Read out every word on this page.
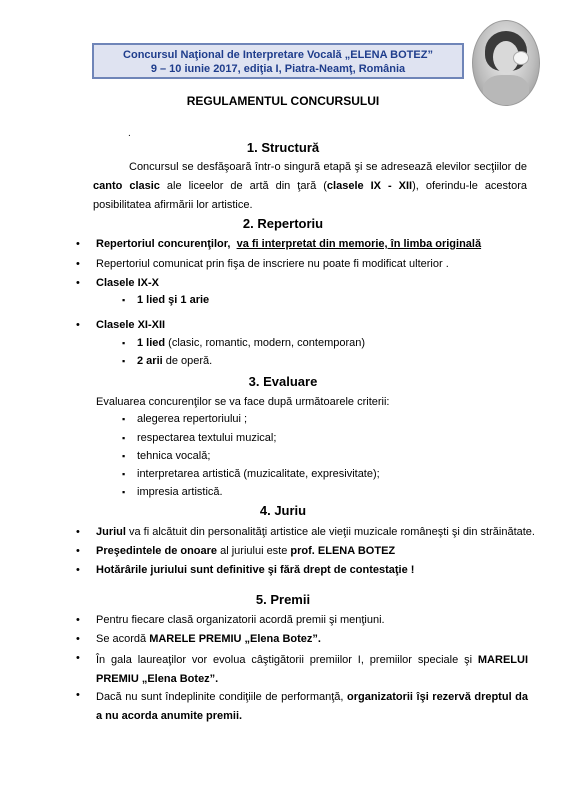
Concursul Naţional de Interpretare Vocală „ELENA BOTEZ”
9 – 10 iunie 2017, ediţia I, Piatra-Neamţ, România
REGULAMENTUL CONCURSULUI
.
1. Structură
Concursul se desfăşoară într-o singură etapă şi se adresează elevilor secţiilor de canto clasic ale liceelor de artă din ţară (clasele IX - XII), oferindu-le acestora posibilitatea afirmării lor artistice.
2. Repertoriu
• Repertoriul concurenţilor, va fi interpretat din memorie, în limba originală
• Repertoriul comunicat prin fişa de inscriere nu poate fi modificat ulterior .
• Clasele IX-X
▪ 1 lied şi 1 arie
• Clasele XI-XII
▪ 1 lied (clasic, romantic, modern, contemporan)
▪ 2 arii de operă.
3. Evaluare
Evaluarea concurenţilor se va face după următoarele criterii:
▪ alegerea repertoriului ;
▪ respectarea textului muzical;
▪ tehnica vocală;
▪ interpretarea artistică (muzicalitate, expresivitate);
▪ impresia artistică.
4. Juriu
• Juriul va fi alcătuit din personalităţi artistice ale vieţii muzicale româneşti şi din străinătate.
• Preşedintele de onoare al juriului este prof. ELENA BOTEZ
• Hotărârile juriului sunt definitive şi fără drept de contestaţie !
5. Premii
• Pentru fiecare clasă organizatorii acordă premii şi menţiuni.
• Se acordă MARELE PREMIU „Elena Botez”.
• În gala laureaţilor vor evolua câştigătorii premiilor I, premiilor speciale şi MARELUI PREMIU „Elena Botez”.
• Dacă nu sunt îndeplinite condiţiile de performanţă, organizatorii îşi rezervă dreptul da a nu acorda anumite premii.
